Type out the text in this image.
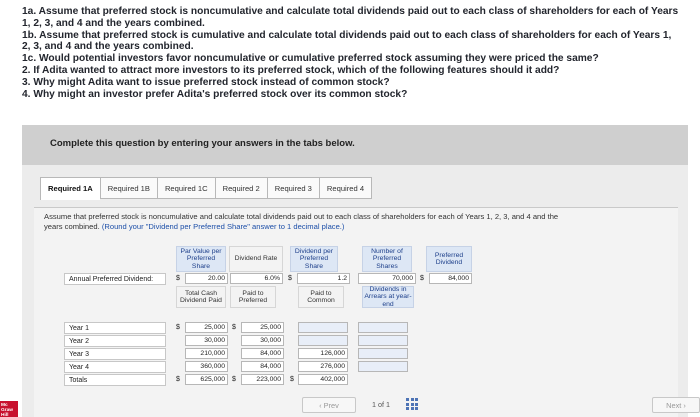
1a. Assume that preferred stock is noncumulative and calculate total dividends paid out to each class of shareholders for each of Years
1, 2, 3, and 4 and the years combined.
1b. Assume that preferred stock is cumulative and calculate total dividends paid out to each class of shareholders for each of Years 1,
2, 3, and 4 and the years combined.
1c. Would potential investors favor noncumulative or cumulative preferred stock assuming they were priced the same?
2. If Adita wanted to attract more investors to its preferred stock, which of the following features should it add?
3. Why might Adita want to issue preferred stock instead of common stock?
4. Why might an investor prefer Adita's preferred stock over its common stock?
Complete this question by entering your answers in the tabs below.
Required 1A	Required 1B	Required 1C	Required 2	Required 3	Required 4
Assume that preferred stock is noncumulative and calculate total dividends paid out to each class of shareholders for each of Years 1, 2, 3, and 4 and the years combined. (Round your "Dividend per Preferred Share" answer to 1 decimal place.)
Par Value per Preferred Share
Dividend Rate
Dividend per Preferred Share
Number of Preferred Shares
Preferred Dividend
Annual Preferred Dividend:	$	20.00	6.0%	$	1.2	70,000	$	84,000
Total Cash Dividend Paid
Paid to Preferred
Paid to Common
Dividends in Arrears at year-end
Year 1	$	25,000	$	25,000
Year 2	30,000	30,000
Year 3	210,000	84,000	126,000
Year 4	360,000	84,000	276,000
Totals	$	625,000	$	223,000	$	402,000
Mc Graw Hill
‹ Prev	1 of 1	Next ›
